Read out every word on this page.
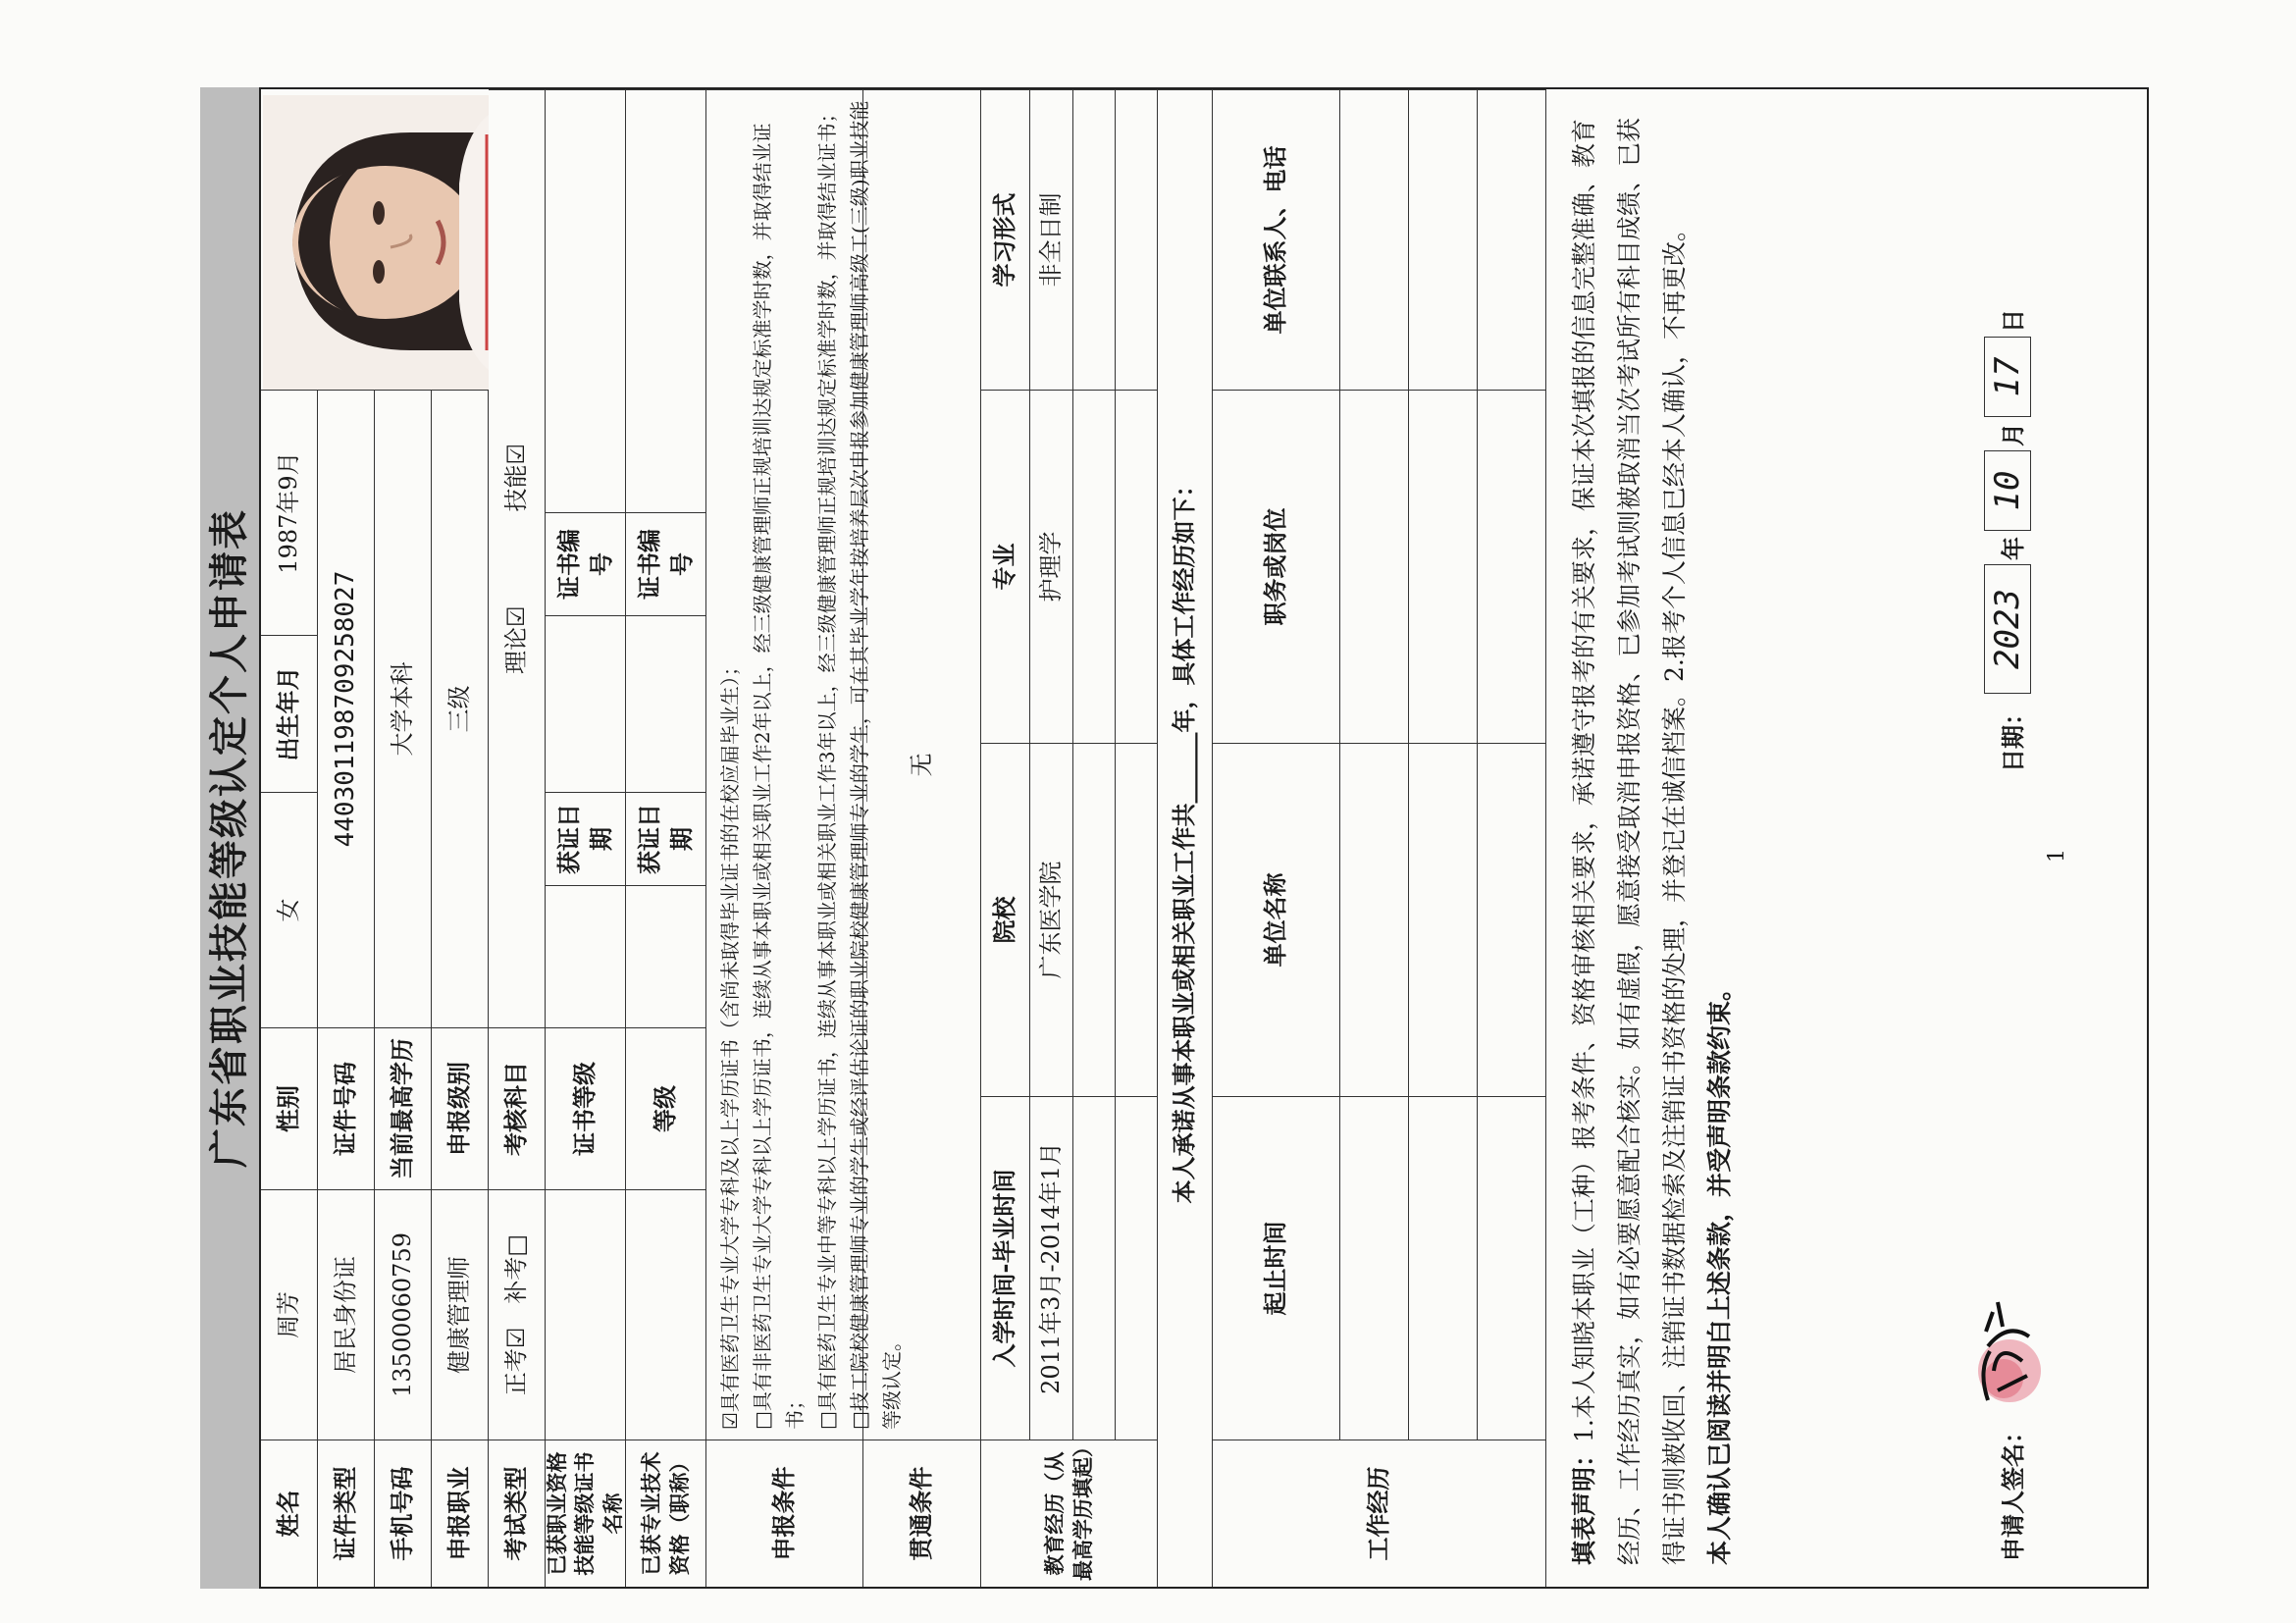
广东省职业技能等级认定个人申请表
姓名
周芳
性别
女
出生年月
1987年9月
证件类型
居民身份证
证件号码
440301198709258027
手机号码
13500060759
当前最高学历
大学本科
申报职业
健康管理师
申报级别
三级
考试类型
正考☑　补考□
考核科目
理论☑　　　　技能☑
已获职业资格技能等级证书名称
证书等级
获证日期
证书编号
已获专业技术资格（职称）
等级
获证日期
证书编号
申报条件
☑具有医药卫生专业大学专科及以上学历证书（含尚未取得毕业证书的在校应届毕业生）； □具有非医药卫生专业大学专科以上学历证书，连续从事本职业或相关职业工作2年以上，经三级健康管理师正规培训达规定标准学时数，并取得结业证书； □具有医药卫生专业中等专科以上学历证书，连续从事本职业或相关职业工作3年以上，经三级健康管理师正规培训达规定标准学时数，并取得结业证书； □技工院校健康管理师专业的学生或经评估论证的职业院校健康管理师专业的学生，可在其毕业学年按培养层次申报参加健康管理师高级工(三级)职业技能等级认定。
贯通条件
无
教育经历（从最高学历填起）
入学时间-毕业时间
院校
专业
学习形式
2011年3月-2014年1月
广东医学院
护理学
非全日制
本人承诺从事本职业或相关职业工作共______年，具体工作经历如下：
工作经历
起止时间
单位名称
职务或岗位
单位联系人、电话
填表声明：1.本人知晓本职业（工种）报考条件、资格审核相关要求，承诺遵守报考的有关要求，保证本次填报的信息完整准确、教育经历、工作经历真实，如有必要愿意配合核实。如有虚假，愿意接受取消申报资格、已参加考试则被取消当次考试所有科目成绩、已获得证书则被收回、注销证书数据检索及注销证书资格的处理，并登记在诚信档案。2.报考个人信息已经本人确认，不再更改。 本人确认已阅读并明白上述条款，并受声明条款约束。	申请人签名：
日期：
2023
年
10
月
17
日
1
